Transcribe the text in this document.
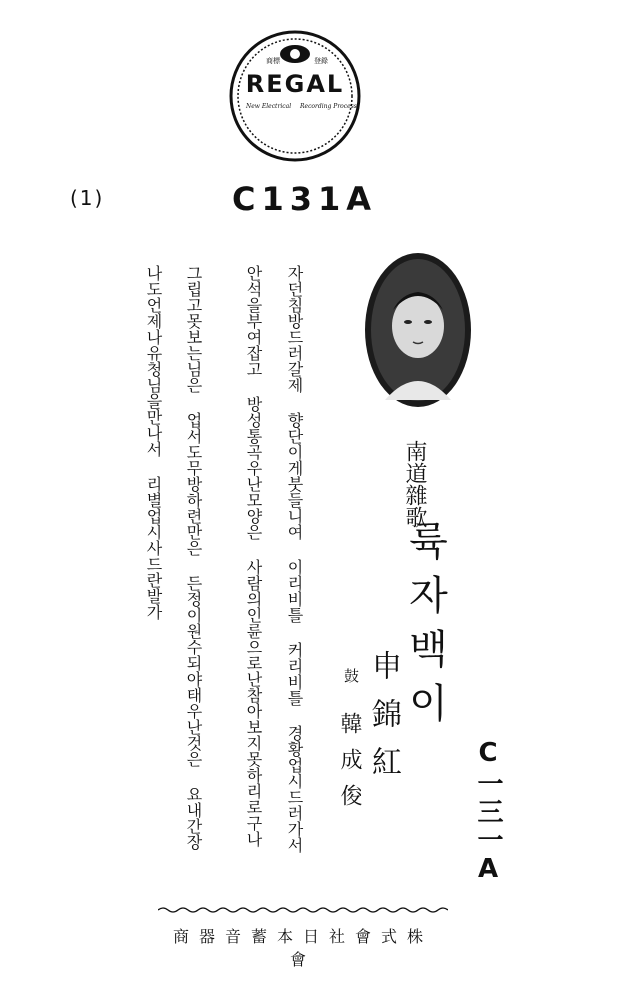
商標	登錄
REGAL
New Electrical Recording Process
(1)	C131A
자던침방드러갈제 향단이게붓들니여 이리비틀 커리비틀 경황업시드러가서
안석을부여잡고 방성통곡우난모양은 사람의인륜으로난참아보지못하리로구나
그립고못보는님은 업서도무방하련만은 든정이원수되야태우난것은 요내간장
나도언제나유청님을만나서 리별업시사드란발가	南道雜歌
륙자백이
申錦紅
鼓
韓成俊	C一三一A
株式會社日本蓄音器商會
